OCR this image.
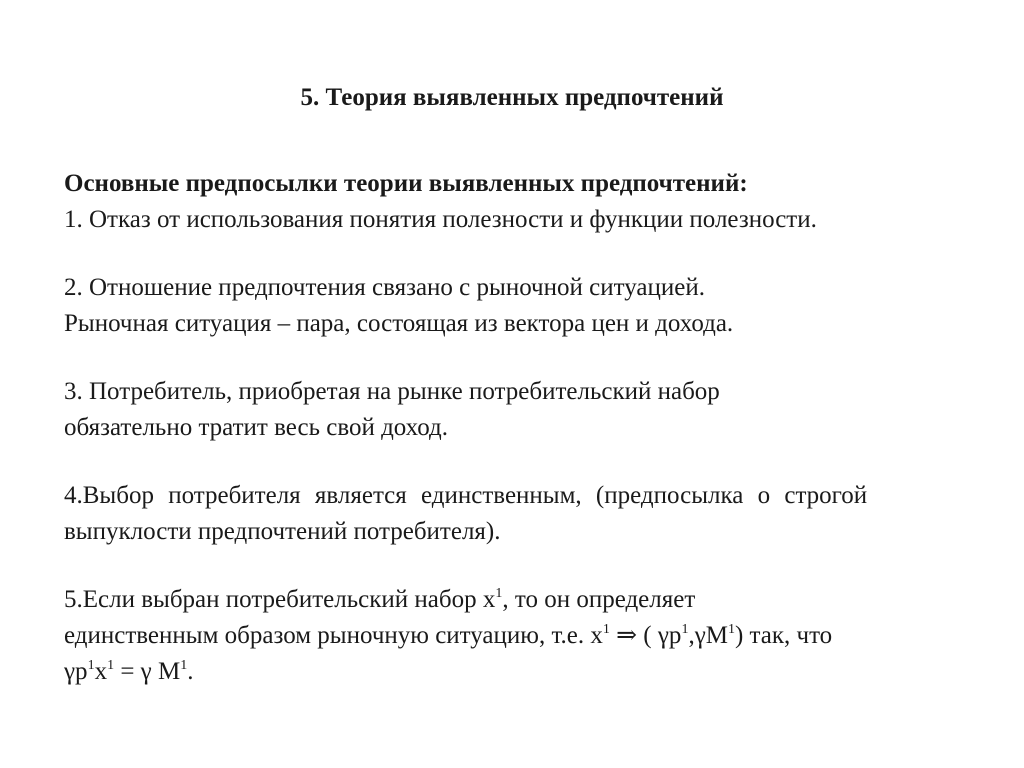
5. Теория выявленных предпочтений
Основные предпосылки теории выявленных предпочтений:
1. Отказ от использования понятия полезности и функции полезности.
2. Отношение предпочтения связано с рыночной ситуацией.
Рыночная ситуация – пара, состоящая из вектора цен и дохода.
3. Потребитель, приобретая на рынке потребительский набор
обязательно тратит весь свой доход.
4.Выбор потребителя является единственным, (предпосылка о строгой
выпуклости предпочтений потребителя).
5.Если выбран потребительский набор $x^1$, то он определяет
единственным образом рыночную ситуацию, т.е. $x^1$ ⇒ ( $\gamma p^1,\gamma M^1$) так, что
$\gamma p^1x^1 = \gamma$ $M^1$.
